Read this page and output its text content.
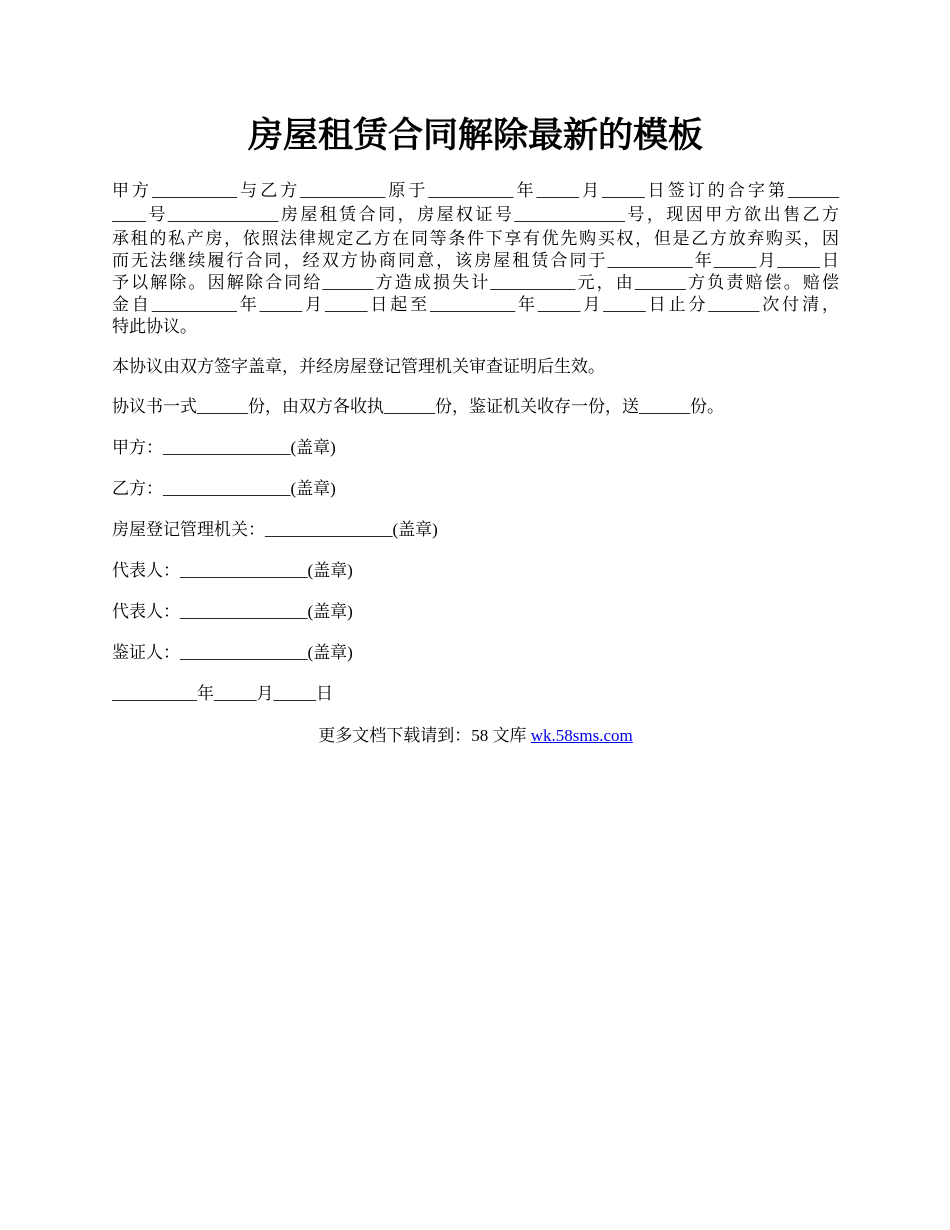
房屋租赁合同解除最新的模板
甲方__________与乙方__________原于__________年_____月_____日签订的合字第______
____号_____________房屋租赁合同，房屋权证号_____________号，现因甲方欲出售乙方
承租的私产房，依照法律规定乙方在同等条件下享有优先购买权，但是乙方放弃购买，因
而无法继续履行合同，经双方协商同意，该房屋租赁合同于__________年_____月_____日
予以解除。因解除合同给______方造成损失计__________元，由______方负责赔偿。赔偿
金自__________年_____月_____日起至__________年_____月_____日止分______次付清，
特此协议。
本协议由双方签字盖章，并经房屋登记管理机关审查证明后生效。
协议书一式______份，由双方各收执______份，鉴证机关收存一份，送______份。
甲方：_______________(盖章)
乙方：_______________(盖章)
房屋登记管理机关：_______________(盖章)
代表人：_______________(盖章)
代表人：_______________(盖章)
鉴证人：_______________(盖章)
__________年_____月_____日
更多文档下载请到：58 文库 wk.58sms.com
